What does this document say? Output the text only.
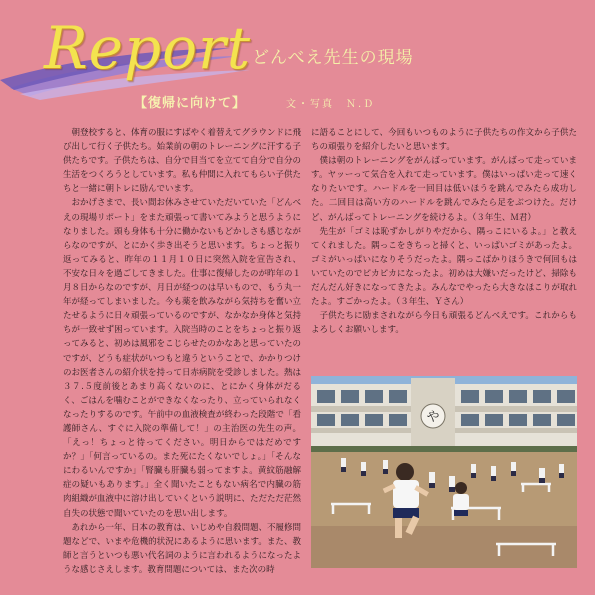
Report どんべえ先生の現場
【復帰に向けて】	文・写真　Ｎ.Ｄ

朝登校すると、体育の服にすばやく着替えてグラウンドに飛び出して行く子供たち。始業前の朝のトレーニングに汗する子供たちです。子供たちは、自分で目当てを立てて自分で自分の生活をつくろうとしています。私も仲間に入れてもらい子供たちと一緒に朝トレに励んでいます。

おかげさまで、長い間お休みさせていただいていた「どんべえの現場リポート」をまた頑張って書いてみようと思うようになりました。頭も身体も十分に働かないもどかしさも感じながらなのですが、とにかく歩き出そうと思います。ちょっと振り返ってみると、昨年の１１月１０日に突然入院を宣告され、不安な日々を過ごしてきました。仕事に復帰したのが昨年の１月８日からなのですが、月日が経つのは早いもので、もう丸一年が経ってしまいました。今も薬を飲みながら気持ちを奮い立たせるように日々頑張っているのですが、なかなか身体と気持ちが一致せず困っています。入院当時のことをちょっと振り返ってみると、初めは風邪をこじらせたのかなあと思っていたのですが、どうも症状がいつもと違うということで、かかりつけのお医者さんの紹介状を持って日赤病院を受診しました。熱は３７.５度前後とあまり高くないのに、とにかく身体がだるく、ごはんを噛むことができなくなったり、立っていられなくなったりするのです。午前中の血液検査が終わった段階で「看護師さん、すぐに入院の準備して！」の主治医の先生の声。「えっ！ちょっと待ってください。明日からではだめですか？」「何言っているの。また死にたくないでしょ。」「そんなにわるいんですか」「腎臓も肝臓も弱ってますよ。黄紋筋融解症の疑いもあります。」全く聞いたこともない病名で内臓の筋肉組織が血液中に溶け出していくという説明に、ただただ茫然自失の状態で聞いていたのを思い出します。

あれから一年、日本の教育は、いじめや自殺問題、不履修問題などで、いまや危機的状況にあるように思います。また、教師と言うといつも悪い代名詞のように言われるようになったような感じさえします。教育問題については、また次の時

に語ることにして、今回もいつものように子供たちの作文から子供たちの頑張りを紹介したいと思います。

僕は朝のトレーニングをがんばっています。がんばって走っています。ヤッーって気合を入れて走っています。僕はいっぱい走って速くなりたいです。ハードルを一回目は低いほうを跳んでみたら成功した。二回目は高い方のハードルを跳んでみたら足をぶつけた。だけど、がんばってトレーニングを続けるよ。（３年生、Ｍ君）

先生が「ゴミは恥ずかしがりやだから、隅っこにいるよ。」と教えてくれました。隅っこをきちっと掃くと、いっぱいゴミがあったよ。ゴミがいっぱいになりそうだったよ。隅っこばかりほうきで何回もはいていたのでピカピカになったよ。初めは大嫌いだったけど、掃除もだんだん好きになってきたよ。みんなでやったら大きなほこりが取れたよ。すごかったよ。（３年生、Ｙさん）

子供たちに励まされながら今日も頑張るどんべえです。これからもよろしくお願いします。

や
